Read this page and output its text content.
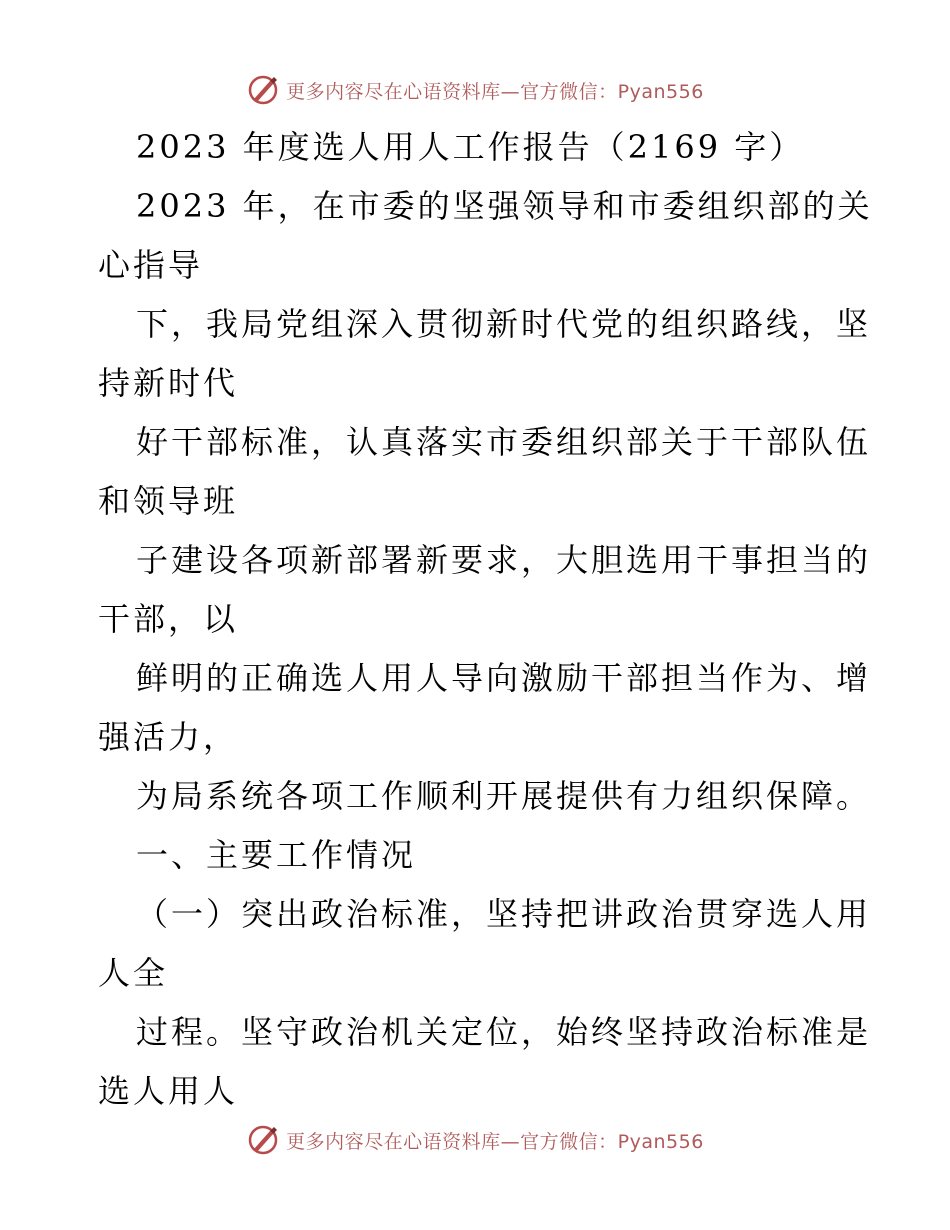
更多内容尽在心语资料库—官方微信：Pyan556
2023 年度选人用人工作报告（2169 字）
2023 年，在市委的坚强领导和市委组织部的关
心指导
下，我局党组深入贯彻新时代党的组织路线，坚
持新时代
好干部标准，认真落实市委组织部关于干部队伍
和领导班
子建设各项新部署新要求，大胆选用干事担当的
干部，以
鲜明的正确选人用人导向激励干部担当作为、增
强活力，
为局系统各项工作顺利开展提供有力组织保障。
一、主要工作情况
（一）突出政治标准，坚持把讲政治贯穿选人用
人全
过程。坚守政治机关定位，始终坚持政治标准是
选人用人
更多内容尽在心语资料库—官方微信：Pyan556
